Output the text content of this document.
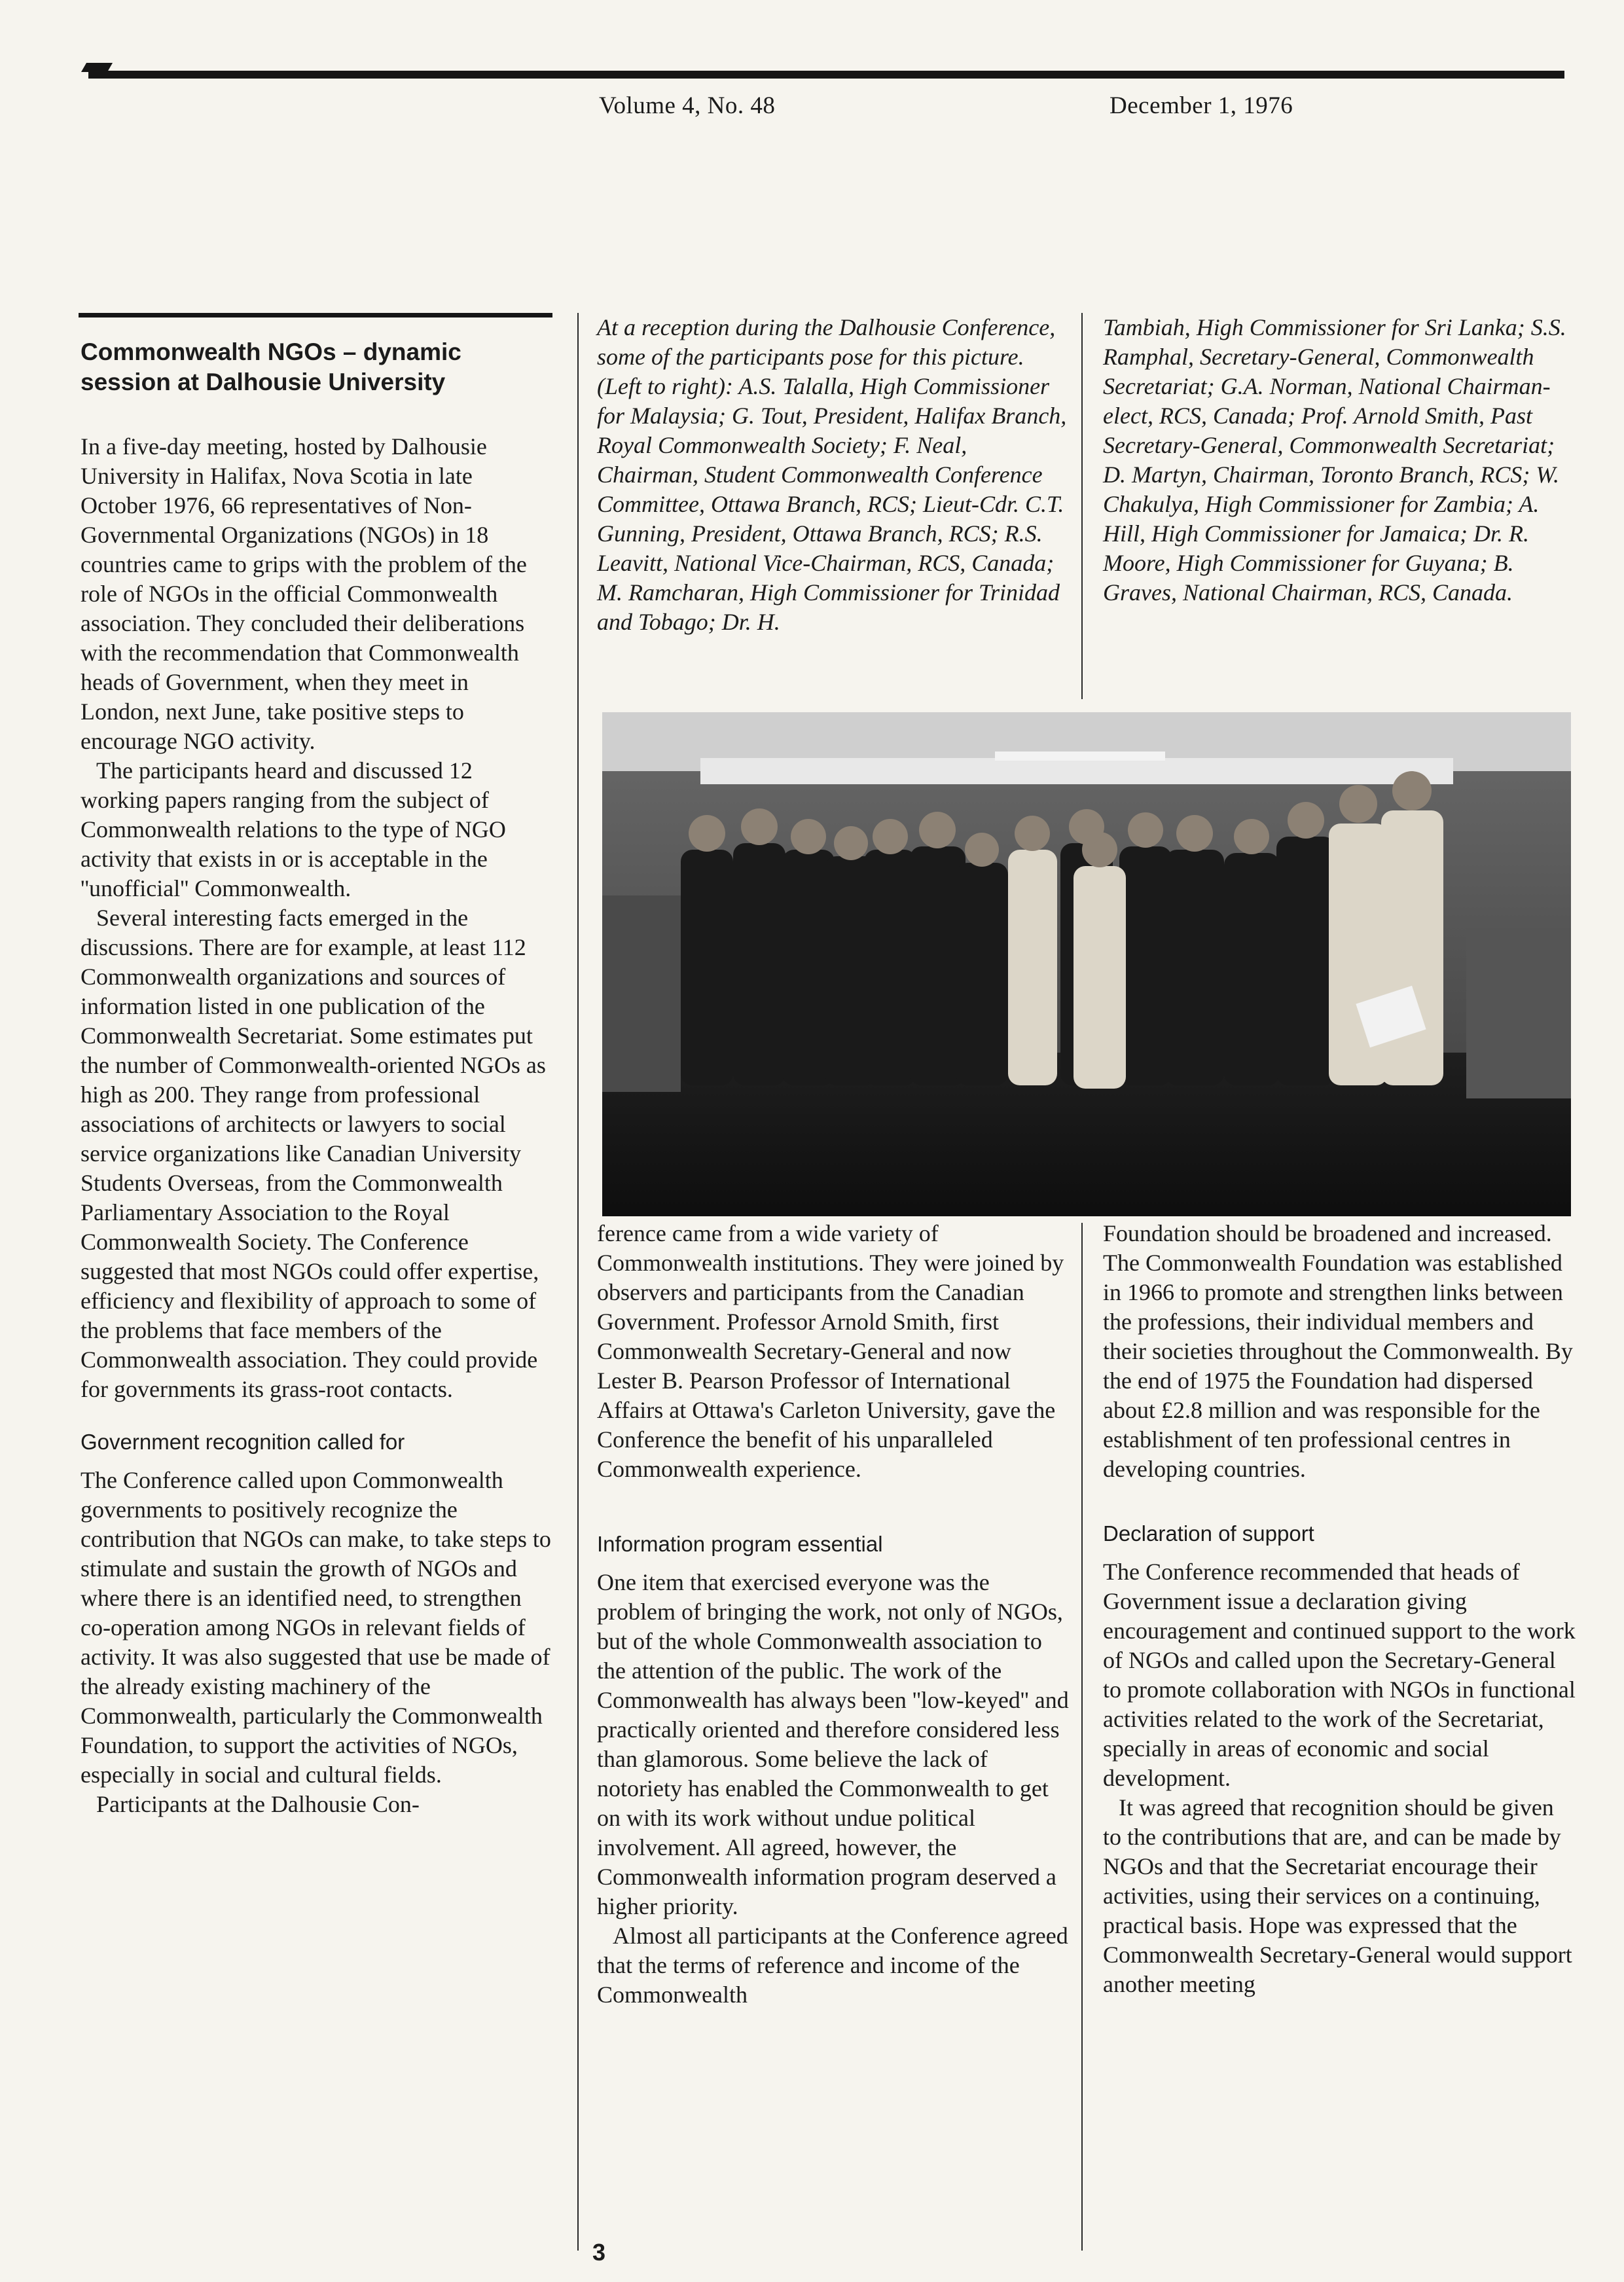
Volume 4, No. 48	December 1, 1976
Commonwealth NGOs – dynamic session at Dalhousie University

In a five-day meeting, hosted by Dalhousie University in Halifax, Nova Scotia in late October 1976, 66 representatives of Non-Governmental Organizations (NGOs) in 18 countries came to grips with the problem of the role of NGOs in the official Commonwealth association. They concluded their deliberations with the recommendation that Commonwealth heads of Government, when they meet in London, next June, take positive steps to encourage NGO activity.

The participants heard and discussed 12 working papers ranging from the subject of Commonwealth relations to the type of NGO activity that exists in or is acceptable in the ''unofficial'' Commonwealth.

Several interesting facts emerged in the discussions. There are for example, at least 112 Commonwealth organizations and sources of information listed in one publication of the Commonwealth Secretariat. Some estimates put the number of Commonwealth-oriented NGOs as high as 200. They range from professional associations of architects or lawyers to social service organizations like Canadian University Students Overseas, from the Commonwealth Parliamentary Association to the Royal Commonwealth Society. The Conference suggested that most NGOs could offer expertise, efficiency and flexibility of approach to some of the problems that face members of the Commonwealth association. They could provide for governments its grass-root contacts.

Government recognition called for

The Conference called upon Commonwealth governments to positively recognize the contribution that NGOs can make, to take steps to stimulate and sustain the growth of NGOs and where there is an identified need, to strengthen co-operation among NGOs in relevant fields of activity. It was also suggested that use be made of the already existing machinery of the Commonwealth, particularly the Commonwealth Foundation, to support the activities of NGOs, especially in social and cultural fields.

Participants at the Dalhousie Con-

At a reception during the Dalhousie Conference, some of the participants pose for this picture. (Left to right): A.S. Talalla, High Commissioner for Malaysia; G. Tout, President, Halifax Branch, Royal Commonwealth Society; F. Neal, Chairman, Student Commonwealth Conference Committee, Ottawa Branch, RCS; Lieut-Cdr. C.T. Gunning, President, Ottawa Branch, RCS; R.S. Leavitt, National Vice-Chairman, RCS, Canada; M. Ramcharan, High Commissioner for Trinidad and Tobago; Dr. H.
Tambiah, High Commissioner for Sri Lanka; S.S. Ramphal, Secretary-General, Commonwealth Secretariat; G.A. Norman, National Chairman-elect, RCS, Canada; Prof. Arnold Smith, Past Secretary-General, Commonwealth Secretariat; D. Martyn, Chairman, Toronto Branch, RCS; W. Chakulya, High Commissioner for Zambia; A. Hill, High Commissioner for Jamaica; Dr. R. Moore, High Commissioner for Guyana; B. Graves, National Chairman, RCS, Canada.

ference came from a wide variety of Commonwealth institutions. They were joined by observers and participants from the Canadian Government. Professor Arnold Smith, first Commonwealth Secretary-General and now Lester B. Pearson Professor of International Affairs at Ottawa's Carleton University, gave the Conference the benefit of his unparalleled Commonwealth experience.

Information program essential

One item that exercised everyone was the problem of bringing the work, not only of NGOs, but of the whole Commonwealth association to the attention of the public. The work of the Commonwealth has always been ''low-keyed'' and practically oriented and therefore considered less than glamorous. Some believe the lack of notoriety has enabled the Commonwealth to get on with its work without undue political involvement. All agreed, however, the Commonwealth information program deserved a higher priority.

Almost all participants at the Conference agreed that the terms of reference and income of the Commonwealth

Foundation should be broadened and increased. The Commonwealth Foundation was established in 1966 to promote and strengthen links between the professions, their individual members and their societies throughout the Commonwealth. By the end of 1975 the Foundation had dispersed about £2.8 million and was responsible for the establishment of ten professional centres in developing countries.

Declaration of support

The Conference recommended that heads of Government issue a declaration giving encouragement and continued support to the work of NGOs and called upon the Secretary-General to promote collaboration with NGOs in functional activities related to the work of the Secretariat, specially in areas of economic and social development.

It was agreed that recognition should be given to the contributions that are, and can be made by NGOs and that the Secretariat encourage their activities, using their services on a continuing, practical basis. Hope was expressed that the Commonwealth Secretary-General would support another meeting

3
